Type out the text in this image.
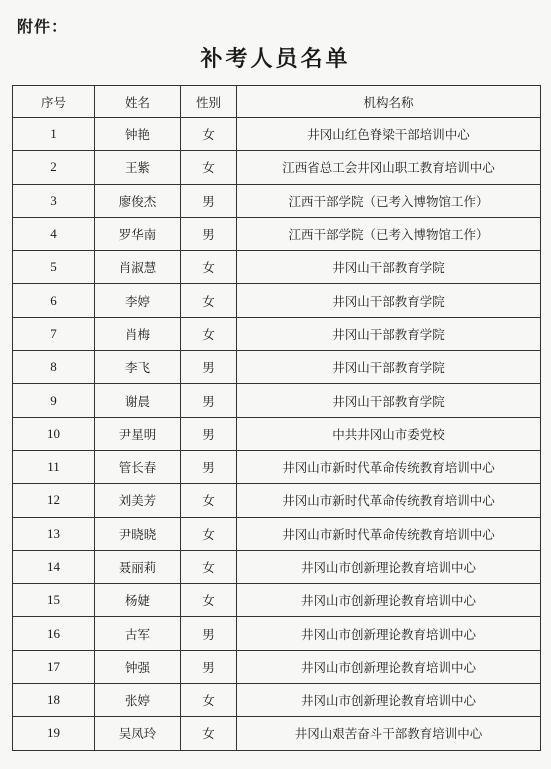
附件：
补考人员名单
序号	姓名	性别	机构名称
1	钟艳	女	井冈山红色脊梁干部培训中心
2	王紫	女	江西省总工会井冈山职工教育培训中心
3	廖俊杰	男	江西干部学院（已考入博物馆工作）
4	罗华南	男	江西干部学院（已考入博物馆工作）
5	肖淑慧	女	井冈山干部教育学院
6	李婷	女	井冈山干部教育学院
7	肖梅	女	井冈山干部教育学院
8	李飞	男	井冈山干部教育学院
9	谢晨	男	井冈山干部教育学院
10	尹星明	男	中共井冈山市委党校
11	管长春	男	井冈山市新时代革命传统教育培训中心
12	刘美芳	女	井冈山市新时代革命传统教育培训中心
13	尹晓晓	女	井冈山市新时代革命传统教育培训中心
14	聂丽莉	女	井冈山市创新理论教育培训中心
15	杨婕	女	井冈山市创新理论教育培训中心
16	古军	男	井冈山市创新理论教育培训中心
17	钟强	男	井冈山市创新理论教育培训中心
18	张婷	女	井冈山市创新理论教育培训中心
19	吴凤玲	女	井冈山艰苦奋斗干部教育培训中心
